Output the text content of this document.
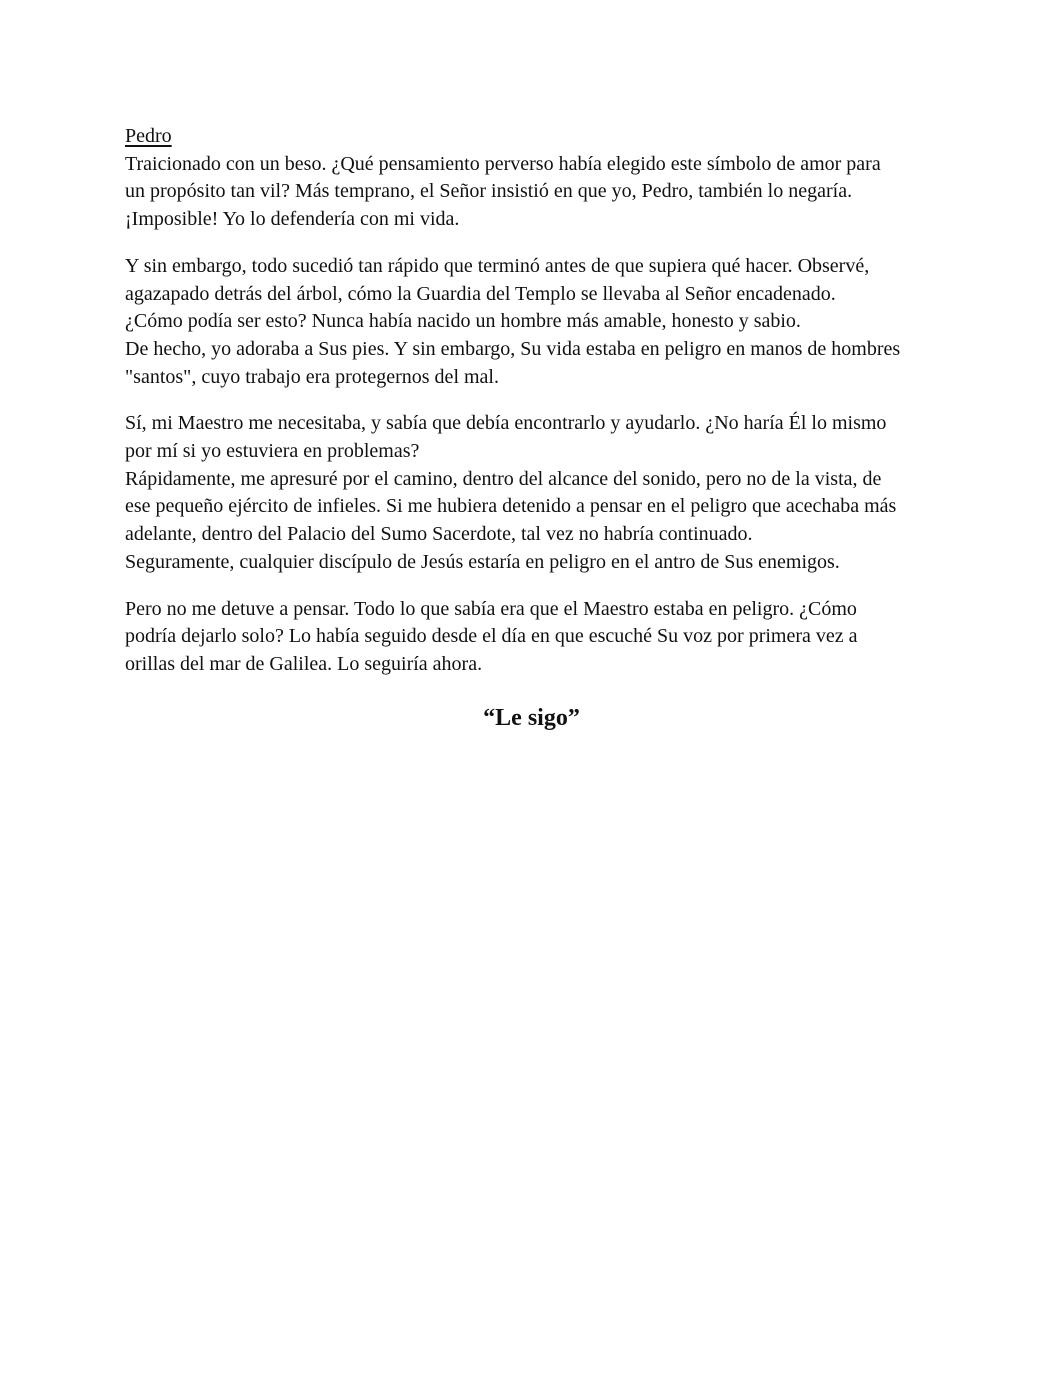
Pedro
Traicionado con un beso. ¿Qué pensamiento perverso había elegido este símbolo de amor para
un propósito tan vil? Más temprano, el Señor insistió en que yo, Pedro, también lo negaría.
¡Imposible! Yo lo defendería con mi vida.
Y sin embargo, todo sucedió tan rápido que terminó antes de que supiera qué hacer. Observé,
agazapado detrás del árbol, cómo la Guardia del Templo se llevaba al Señor encadenado.
¿Cómo podía ser esto? Nunca había nacido un hombre más amable, honesto y sabio.
De hecho, yo adoraba a Sus pies. Y sin embargo, Su vida estaba en peligro en manos de hombres
"santos", cuyo trabajo era protegernos del mal.
Sí, mi Maestro me necesitaba, y sabía que debía encontrarlo y ayudarlo. ¿No haría Él lo mismo
por mí si yo estuviera en problemas?
Rápidamente, me apresuré por el camino, dentro del alcance del sonido, pero no de la vista, de
ese pequeño ejército de infieles. Si me hubiera detenido a pensar en el peligro que acechaba más
adelante, dentro del Palacio del Sumo Sacerdote, tal vez no habría continuado.
Seguramente, cualquier discípulo de Jesús estaría en peligro en el antro de Sus enemigos.
Pero no me detuve a pensar. Todo lo que sabía era que el Maestro estaba en peligro. ¿Cómo
podría dejarlo solo? Lo había seguido desde el día en que escuché Su voz por primera vez a
orillas del mar de Galilea. Lo seguiría ahora.
“Le sigo”
